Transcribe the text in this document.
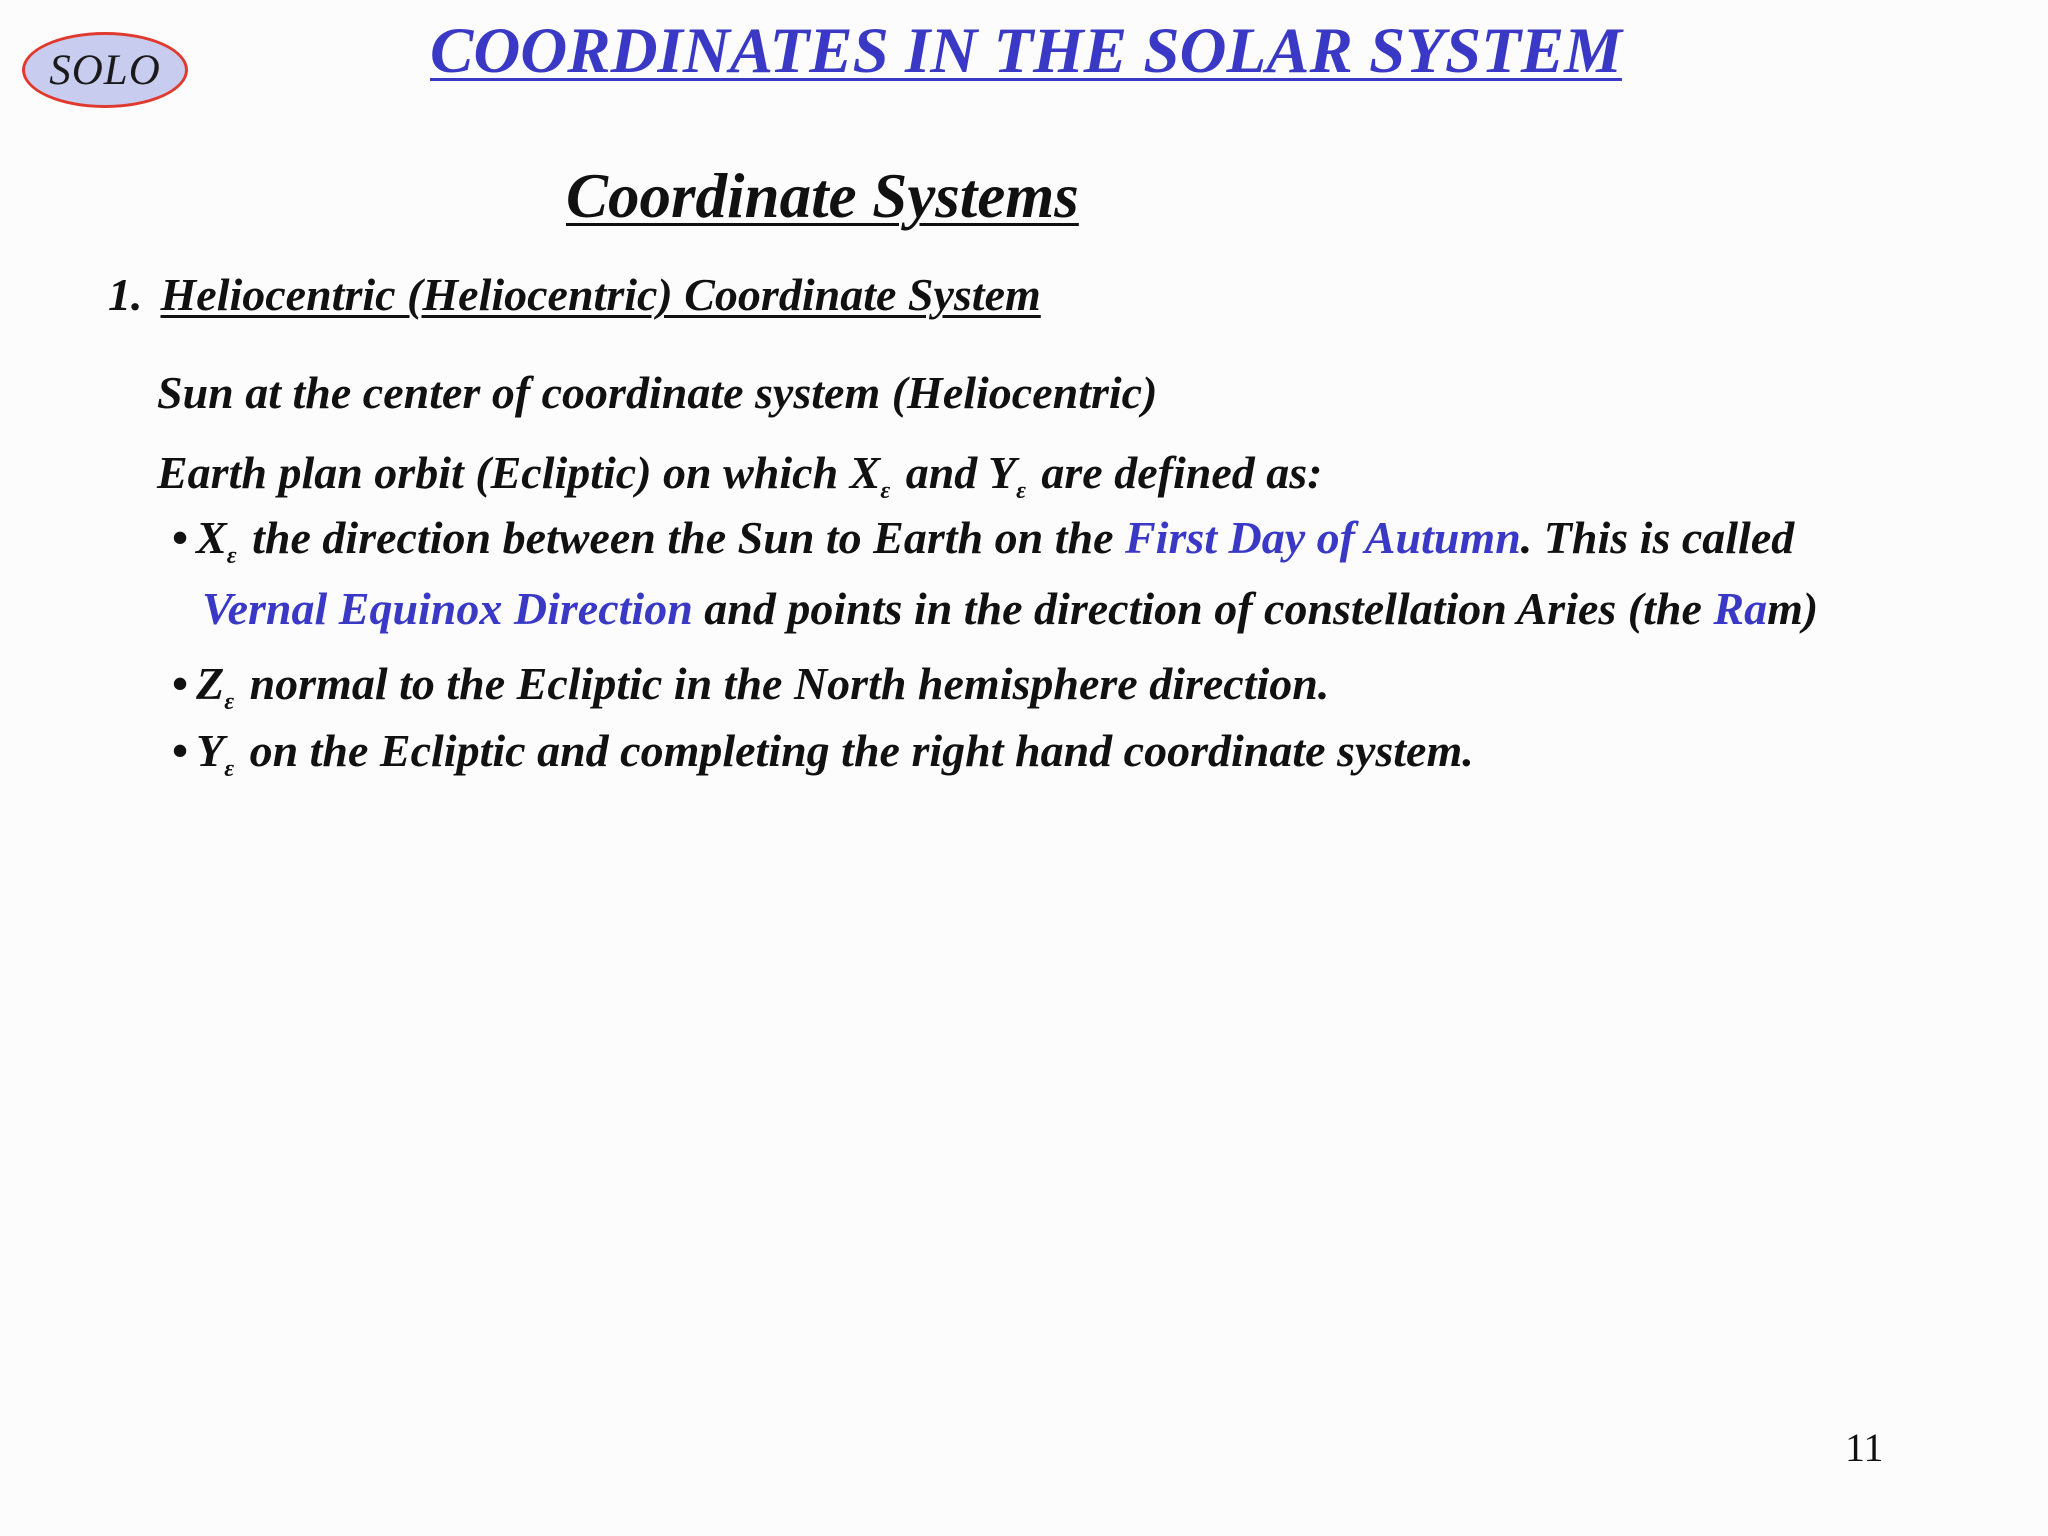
SOLO	COORDINATES IN THE SOLAR SYSTEM
Coordinate Systems
1. Heliocentric (Heliocentric) Coordinate System
Sun at the center of coordinate system (Heliocentric)
Earth plan orbit (Ecliptic) on which $X_\varepsilon$ and $Y_\varepsilon$ are defined as:
• $X_\varepsilon$ the direction between the Sun to Earth on the First Day of Autumn. This is called
Vernal Equinox Direction and points in the direction of constellation Aries (the Ram)
• $Z_\varepsilon$ normal to the Ecliptic in the North hemisphere direction.
• $Y_\varepsilon$ on the Ecliptic and completing the right hand coordinate system.
11
